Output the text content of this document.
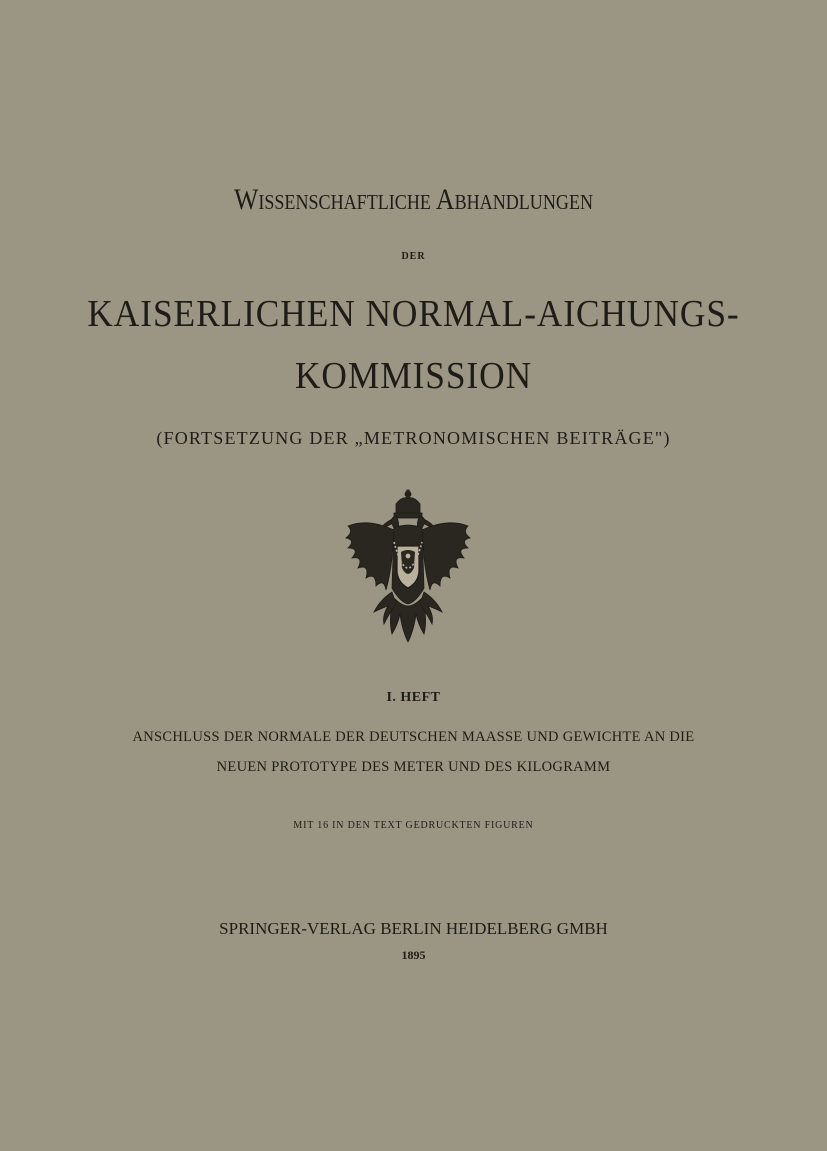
Wissenschaftliche Abhandlungen
DER
KAISERLICHEN NORMAL-AICHUNGS-
KOMMISSION
(FORTSETZUNG DER „METRONOMISCHEN BEITRÄGE")
I. HEFT
ANSCHLUSS DER NORMALE DER DEUTSCHEN MAASSE UND GEWICHTE AN DIE
NEUEN PROTOTYPE DES METER UND DES KILOGRAMM
MIT 16 IN DEN TEXT GEDRUCKTEN FIGUREN
SPRINGER-VERLAG BERLIN HEIDELBERG GMBH
1895
